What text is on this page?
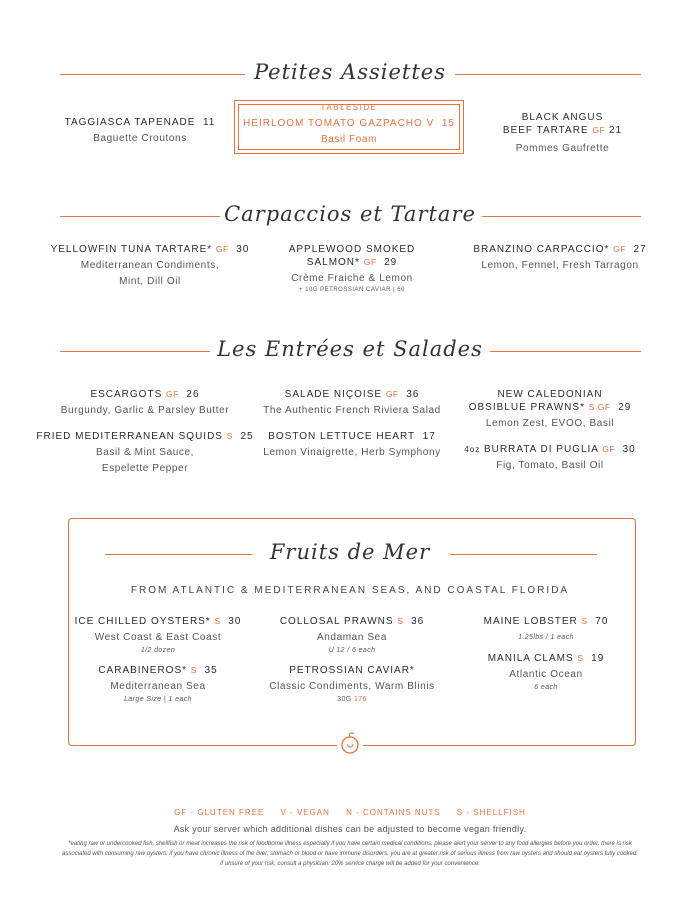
Petites Assiettes
TAGGIASCA TAPENADE 11
Baguette Croutons
TABLESIDE
HEIRLOOM TOMATO GAZPACHO V 15
Basil Foam
BLACK ANGUS
BEEF TARTARE GF 21
Pommes Gaufrette
Carpaccios et Tartare
YELLOWFIN TUNA TARTARE* GF 30
Mediterranean Condiments,
Mint, Dill Oil
APPLEWOOD SMOKED
SALMON* GF 29
Crème Fraiche & Lemon
+ 10G PETROSSIAN CAVIAR | 60
BRANZINO CARPACCIO* GF 27
Lemon, Fennel, Fresh Tarragon
Les Entrées et Salades
ESCARGOTS GF 26
Burgundy, Garlic & Parsley Butter
SALADE NIÇOISE GF 36
The Authentic French Riviera Salad
NEW CALEDONIAN
OBSIBLUE PRAWNS* S GF 29
Lemon Zest, EVOO, Basil
FRIED MEDITERRANEAN SQUIDS S 25
Basil & Mint Sauce,
Espelette Pepper
BOSTON LETTUCE HEART 17
Lemon Vinaigrette, Herb Symphony	4oz BURRATA DI PUGLIA GF 30
Fig, Tomato, Basil Oil
Fruits de Mer
FROM ATLANTIC & MEDITERRANEAN SEAS, AND COASTAL FLORIDA
ICE CHILLED OYSTERS* S 30
West Coast & East Coast
1/2 dozen
COLLOSAL PRAWNS S 36
Andaman Sea
U 12 / 6 each
MAINE LOBSTER S 70
1.25lbs / 1 each
CARABINEROS* S 35
Mediterranean Sea
Large Size | 1 each
PETROSSIAN CAVIAR*
Classic Condiments, Warm Blinis
30G 176
MANILA CLAMS S 19
Atlantic Ocean
6 each
GF - GLUTEN FREE     V - VEGAN     N - CONTAINS NUTS     S - SHELLFISH
Ask your server which additional dishes can be adjusted to become vegan friendly.
*eating raw or undercooked fish, shellfish or meat increases the risk of foodborne illness especially if you have certain medical conditions, please alert your server to any food allergies before you order. there is risk associated with consuming raw oysters. if you have chronic illness of the liver, stomach or blood or have immune disorders, you are at greater risk of serious illness from raw oysters and should eat oysters fully cooked. if unsure of your risk, consult a physician. 20% service charge will be added for your convenience.
